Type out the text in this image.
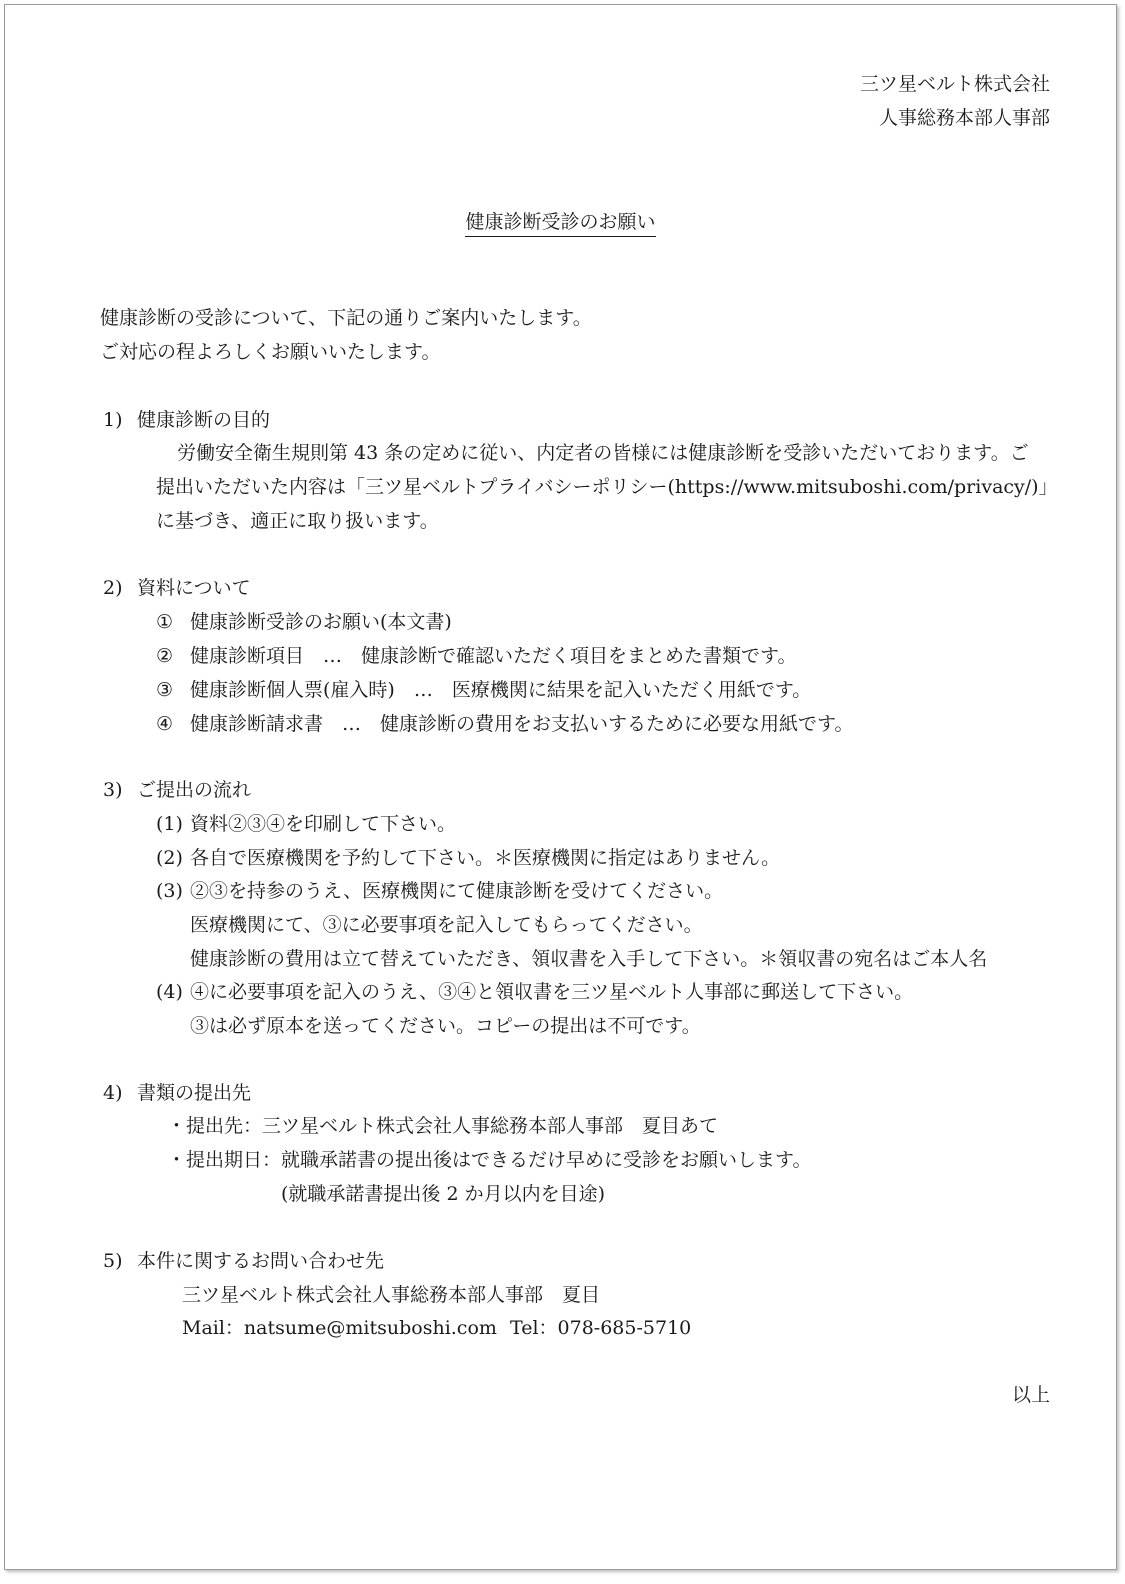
三ツ星ベルト株式会社
人事総務本部人事部
健康診断受診のお願い
健康診断の受診について、下記の通りご案内いたします。
ご対応の程よろしくお願いいたします。
1) 健康診断の目的
労働安全衛生規則第 43 条の定めに従い、内定者の皆様には健康診断を受診いただいております。ご
提出いただいた内容は「三ツ星ベルトプライバシーポリシー(https://www.mitsuboshi.com/privacy/)」
に基づき、適正に取り扱います。
2) 資料について
① 健康診断受診のお願い(本文書)
② 健康診断項目　…　健康診断で確認いただく項目をまとめた書類です。
③ 健康診断個人票(雇入時)　…　医療機関に結果を記入いただく用紙です。
④ 健康診断請求書　…　健康診断の費用をお支払いするために必要な用紙です。
3) ご提出の流れ
(1) 資料②③④を印刷して下さい。
(2) 各自で医療機関を予約して下さい。＊医療機関に指定はありません。
(3) ②③を持参のうえ、医療機関にて健康診断を受けてください。
医療機関にて、③に必要事項を記入してもらってください。
健康診断の費用は立て替えていただき、領収書を入手して下さい。＊領収書の宛名はご本人名
(4) ④に必要事項を記入のうえ、③④と領収書を三ツ星ベルト人事部に郵送して下さい。
③は必ず原本を送ってください。コピーの提出は不可です。
4) 書類の提出先
・提出先：三ツ星ベルト株式会社人事総務本部人事部　夏目あて
・提出期日：就職承諾書の提出後はできるだけ早めに受診をお願いします。
(就職承諾書提出後 2 か月以内を目途)
5) 本件に関するお問い合わせ先
三ツ星ベルト株式会社人事総務本部人事部　夏目
Mail：natsume@mitsuboshi.com Tel：078-685-5710
以上
